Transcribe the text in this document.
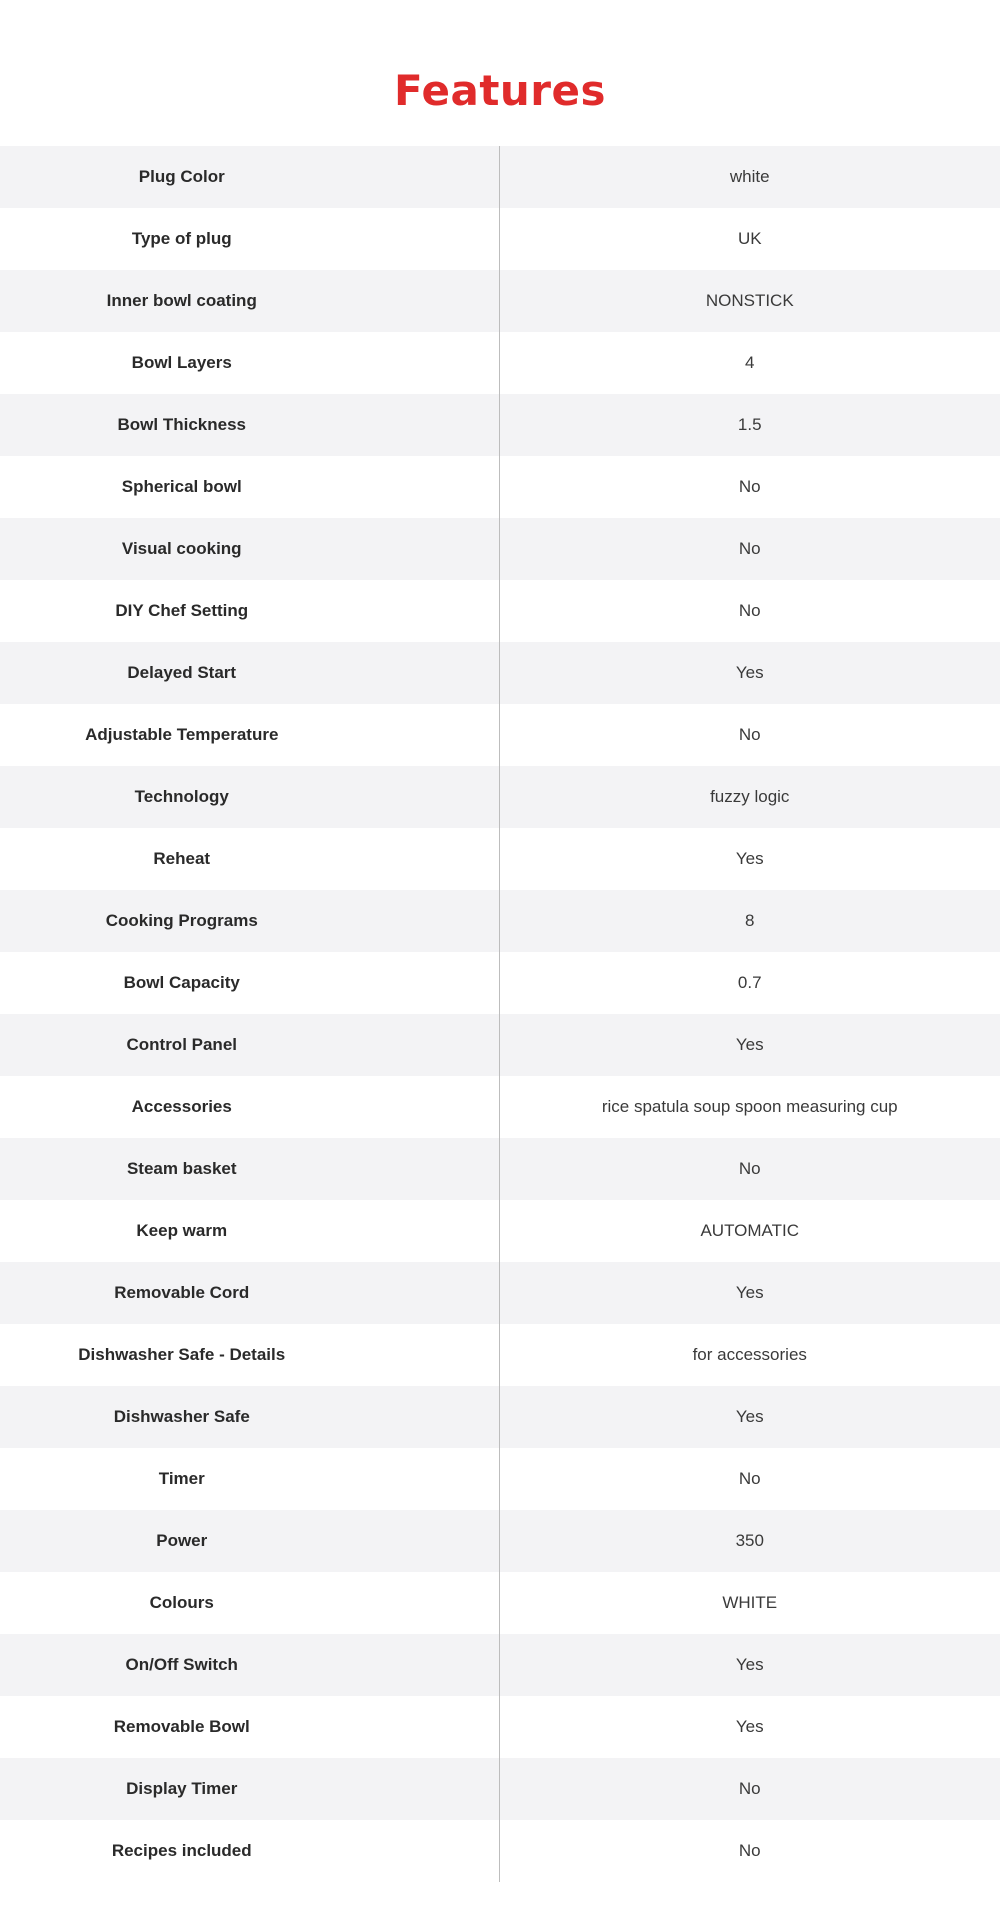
Features
Plug Color	white
Type of plug	UK
Inner bowl coating	NONSTICK
Bowl Layers	4
Bowl Thickness	1.5
Spherical bowl	No
Visual cooking	No
DIY Chef Setting	No
Delayed Start	Yes
Adjustable Temperature	No
Technology	fuzzy logic
Reheat	Yes
Cooking Programs	8
Bowl Capacity	0.7
Control Panel	Yes
Accessories	rice spatula soup spoon measuring cup
Steam basket	No
Keep warm	AUTOMATIC
Removable Cord	Yes
Dishwasher Safe - Details	for accessories
Dishwasher Safe	Yes
Timer	No
Power	350
Colours	WHITE
On/Off Switch	Yes
Removable Bowl	Yes
Display Timer	No
Recipes included	No
